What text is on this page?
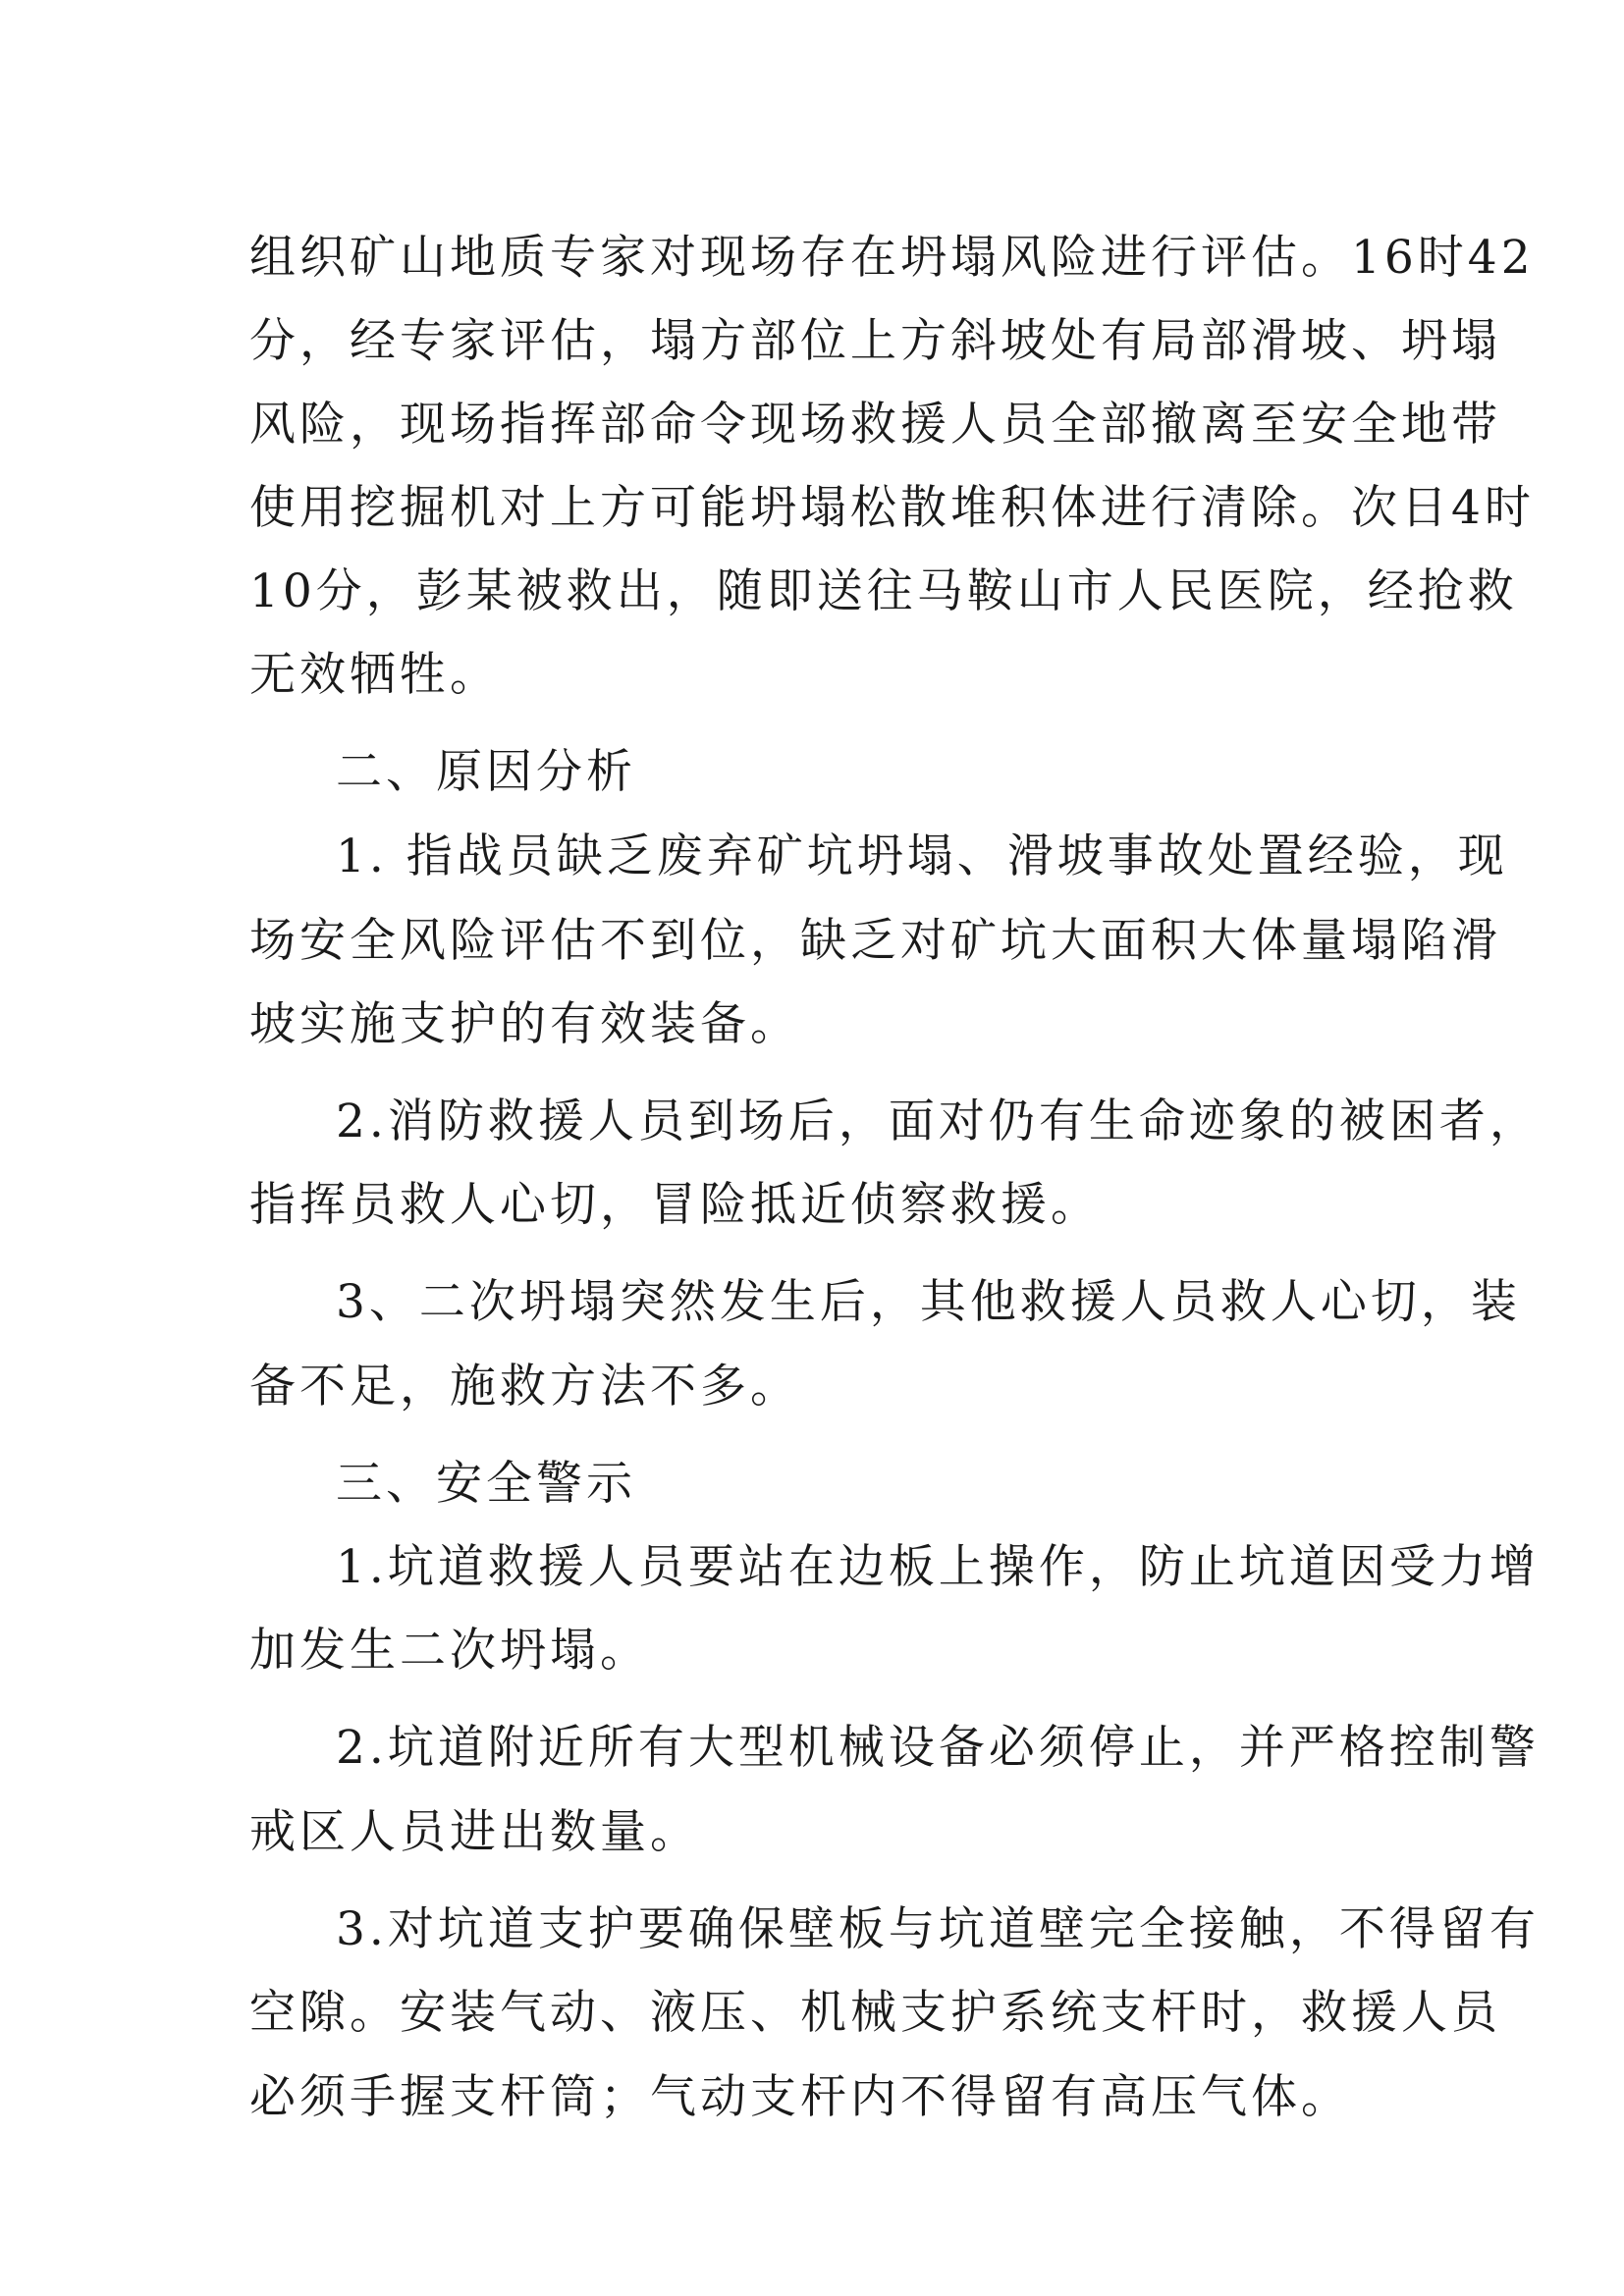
组织矿山地质专家对现场存在坍塌风险进行评估。16时42
分，经专家评估，塌方部位上方斜坡处有局部滑坡、坍塌
风险，现场指挥部命令现场救援人员全部撤离至安全地带
使用挖掘机对上方可能坍塌松散堆积体进行清除。次日4时
10分，彭某被救出，随即送往马鞍山市人民医院，经抢救
无效牺牲。
二、原因分析
1. 指战员缺乏废弃矿坑坍塌、滑坡事故处置经验，现
场安全风险评估不到位，缺乏对矿坑大面积大体量塌陷滑
坡实施支护的有效装备。
2.消防救援人员到场后，面对仍有生命迹象的被困者，
指挥员救人心切，冒险抵近侦察救援。
3、二次坍塌突然发生后，其他救援人员救人心切，装
备不足，施救方法不多。
三、安全警示
1.坑道救援人员要站在边板上操作，防止坑道因受力增
加发生二次坍塌。
2.坑道附近所有大型机械设备必须停止，并严格控制警
戒区人员进出数量。
3.对坑道支护要确保壁板与坑道壁完全接触，不得留有
空隙。安装气动、液压、机械支护系统支杆时，救援人员
必须手握支杆筒；气动支杆内不得留有高压气体。
